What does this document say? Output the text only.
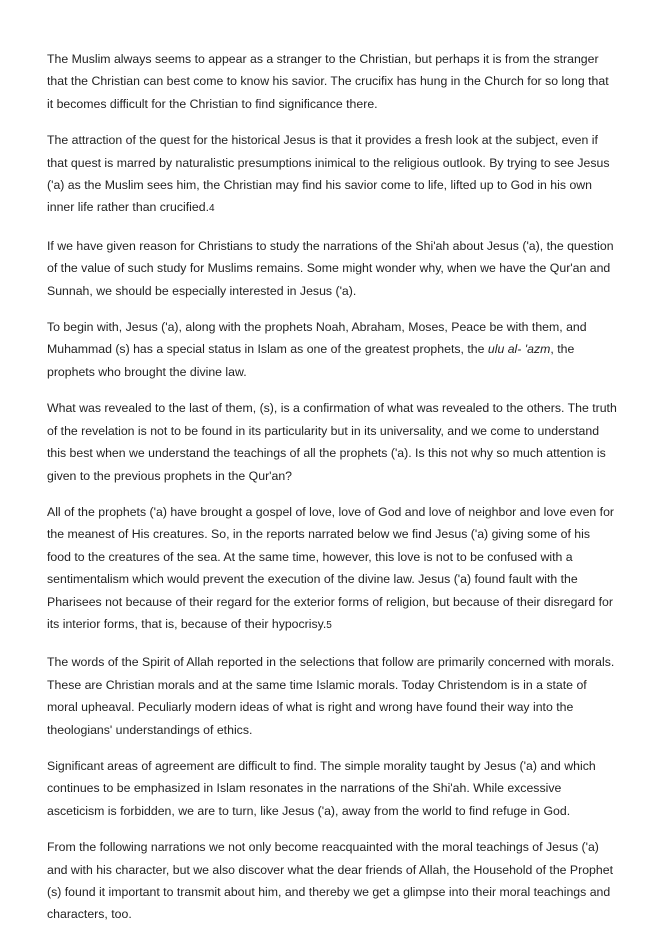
The Muslim always seems to appear as a stranger to the Christian, but perhaps it is from the stranger that the Christian can best come to know his savior. The crucifix has hung in the Church for so long that it becomes difficult for the Christian to find significance there.

The attraction of the quest for the historical Jesus is that it provides a fresh look at the subject, even if that quest is marred by naturalistic presumptions inimical to the religious outlook. By trying to see Jesus ('a) as the Muslim sees him, the Christian may find his savior come to life, lifted up to God in his own inner life rather than crucified.4

If we have given reason for Christians to study the narrations of the Shi'ah about Jesus ('a), the question of the value of such study for Muslims remains. Some might wonder why, when we have the Qur'an and Sunnah, we should be especially interested in Jesus ('a).

To begin with, Jesus ('a), along with the prophets Noah, Abraham, Moses, Peace be with them, and Muhammad (s) has a special status in Islam as one of the greatest prophets, the ulu al- 'azm, the prophets who brought the divine law.

What was revealed to the last of them, (s), is a confirmation of what was revealed to the others. The truth of the revelation is not to be found in its particularity but in its universality, and we come to understand this best when we understand the teachings of all the prophets ('a). Is this not why so much attention is given to the previous prophets in the Qur'an?

All of the prophets ('a) have brought a gospel of love, love of God and love of neighbor and love even for the meanest of His creatures. So, in the reports narrated below we find Jesus ('a) giving some of his food to the creatures of the sea. At the same time, however, this love is not to be confused with a sentimentalism which would prevent the execution of the divine law. Jesus ('a) found fault with the Pharisees not because of their regard for the exterior forms of religion, but because of their disregard for its interior forms, that is, because of their hypocrisy.5

The words of the Spirit of Allah reported in the selections that follow are primarily concerned with morals. These are Christian morals and at the same time Islamic morals. Today Christendom is in a state of moral upheaval. Peculiarly modern ideas of what is right and wrong have found their way into the theologians' understandings of ethics.

Significant areas of agreement are difficult to find. The simple morality taught by Jesus ('a) and which continues to be emphasized in Islam resonates in the narrations of the Shi'ah. While excessive asceticism is forbidden, we are to turn, like Jesus ('a), away from the world to find refuge in God.

From the following narrations we not only become reacquainted with the moral teachings of Jesus ('a) and with his character, but we also discover what the dear friends of Allah, the Household of the Prophet (s) found it important to transmit about him, and thereby we get a glimpse into their moral teachings and characters, too.
